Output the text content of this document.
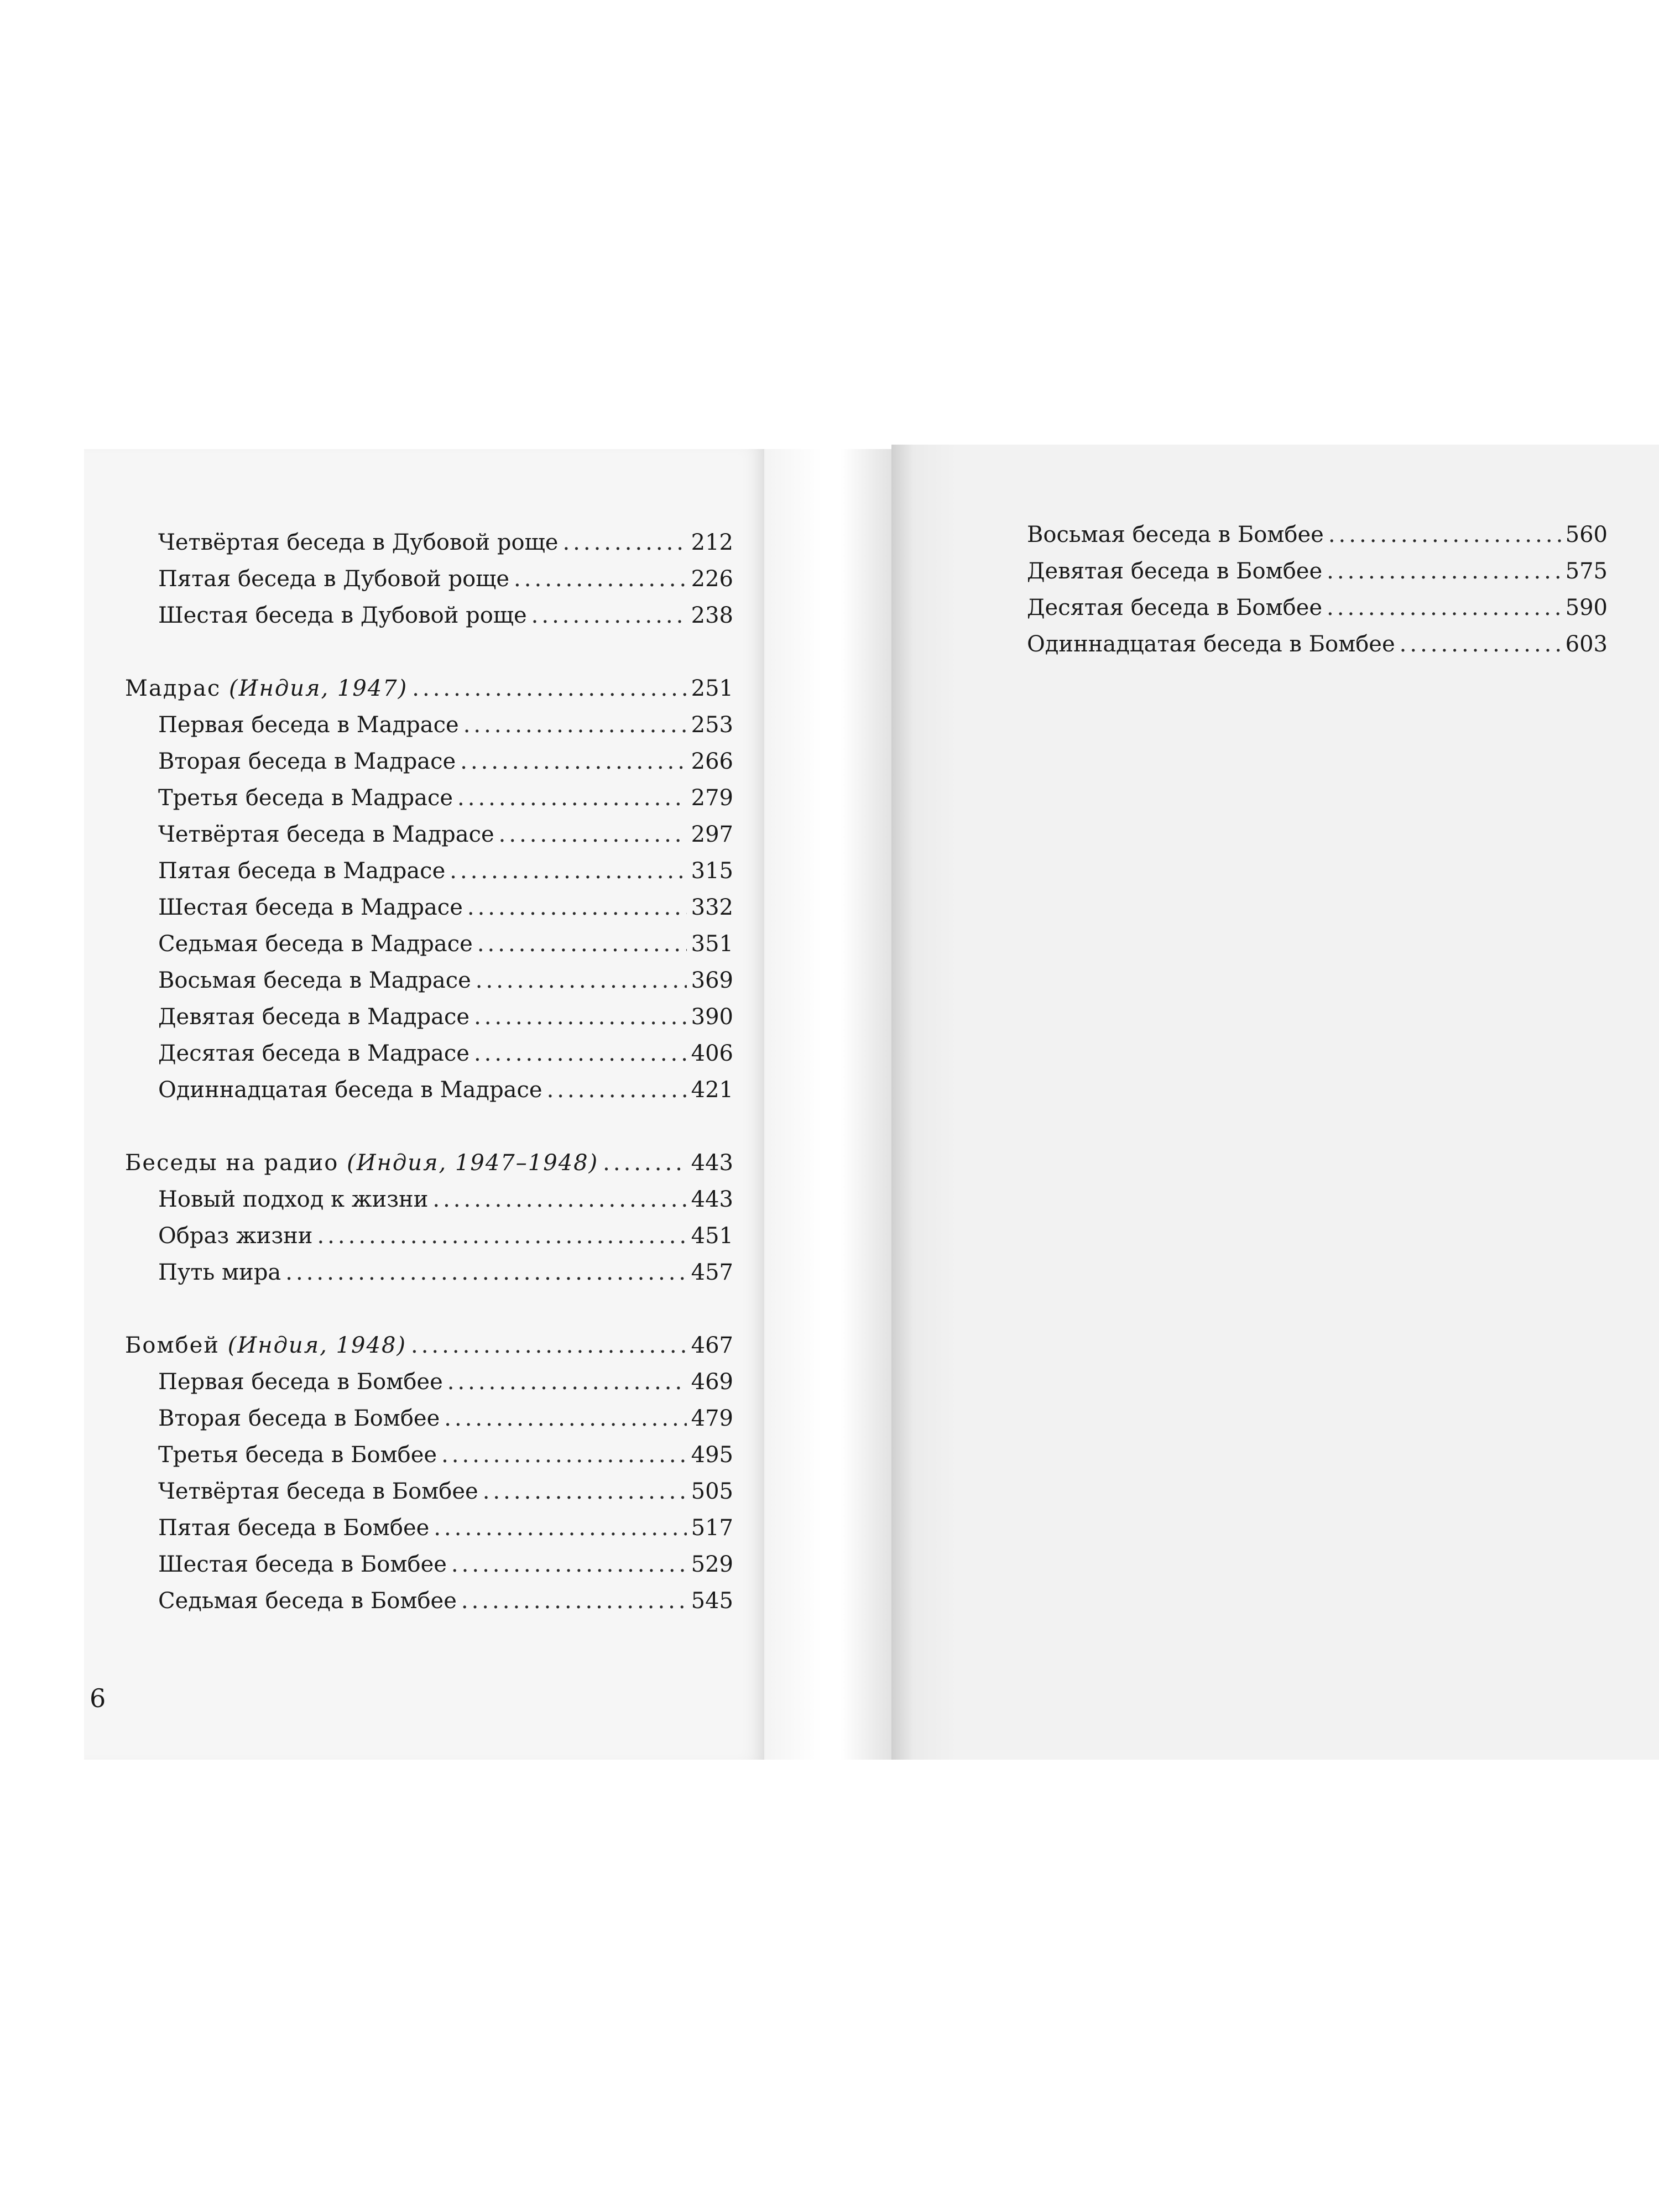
Четвёртая беседа в Дубовой роще .....	212
Пятая беседа в Дубовой роще .....	226
Шестая беседа в Дубовой роще .....	238
Мадрас (Индия, 1947) .....	251
Первая беседа в Мадрасе .....	253
Вторая беседа в Мадрасе .....	266
Третья беседа в Мадрасе .....	279
Четвёртая беседа в Мадрасе .....	297
Пятая беседа в Мадрасе .....	315
Шестая беседа в Мадрасе .....	332
Седьмая беседа в Мадрасе .....	351
Восьмая беседа в Мадрасе .....	369
Девятая беседа в Мадрасе .....	390
Десятая беседа в Мадрасе .....	406
Одиннадцатая беседа в Мадрасе .....	421
Беседы на радио (Индия, 1947–1948) .....	443
Новый подход к жизни .....	443
Образ жизни .....	451
Путь мира .....	457
Бомбей (Индия, 1948) .....	467
Первая беседа в Бомбее .....	469
Вторая беседа в Бомбее .....	479
Третья беседа в Бомбее .....	495
Четвёртая беседа в Бомбее .....	505
Пятая беседа в Бомбее .....	517
Шестая беседа в Бомбее .....	529
Седьмая беседа в Бомбее .....	545
6
Восьмая беседа в Бомбее .....	560
Девятая беседа в Бомбее .....	575
Десятая беседа в Бомбее .....	590
Одиннадцатая беседа в Бомбее .....	603
